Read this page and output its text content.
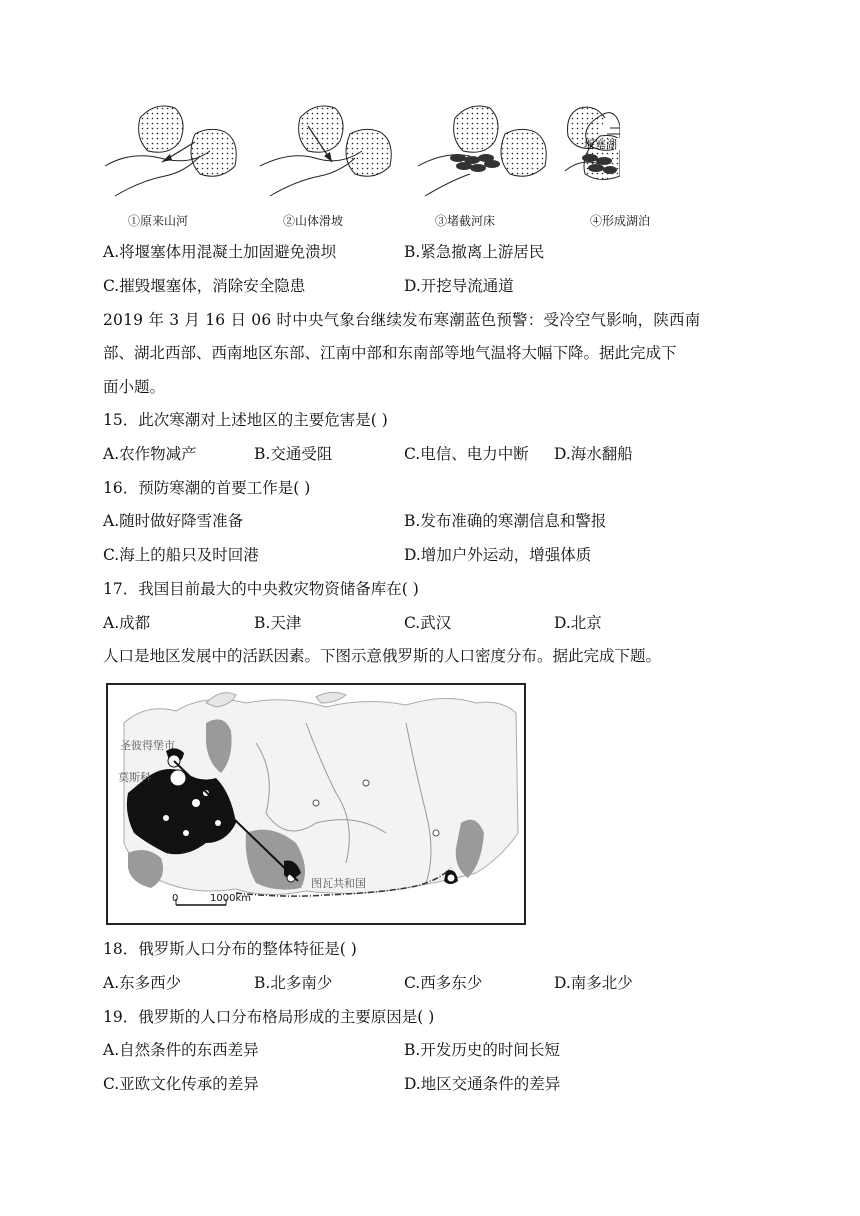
堰塞湖
①原来山河	②山体滑坡	③堵截河床	④形成湖泊
A.将堰塞体用混凝土加固避免溃坝	B.紧急撤离上游居民
C.摧毁堰塞体，消除安全隐患	D.开挖导流通道
2019 年 3 月 16 日 06 时中央气象台继续发布寒潮蓝色预警：受冷空气影响，陕西南
部、湖北西部、西南地区东部、江南中部和东南部等地气温将大幅下降。据此完成下
面小题。
15．此次寒潮对上述地区的主要危害是( )
A.农作物减产	B.交通受阻	C.电信、电力中断 D.海水翻船
16．预防寒潮的首要工作是( )
A.随时做好降雪准备	B.发布准确的寒潮信息和警报
C.海上的船只及时回港	D.增加户外运动，增强体质
17．我国目前最大的中央救灾物资储备库在( )
A.成都	B.天津	C.武汉	D.北京
人口是地区发展中的活跃因素。下图示意俄罗斯的人口密度分布。据此完成下题。
圣彼得堡市
莫斯科
图瓦共和国
0	1000km
18．俄罗斯人口分布的整体特征是( )
A.东多西少	B.北多南少	C.西多东少	D.南多北少
19．俄罗斯的人口分布格局形成的主要原因是( )
A.自然条件的东西差异	B.开发历史的时间长短
C.亚欧文化传承的差异	D.地区交通条件的差异
